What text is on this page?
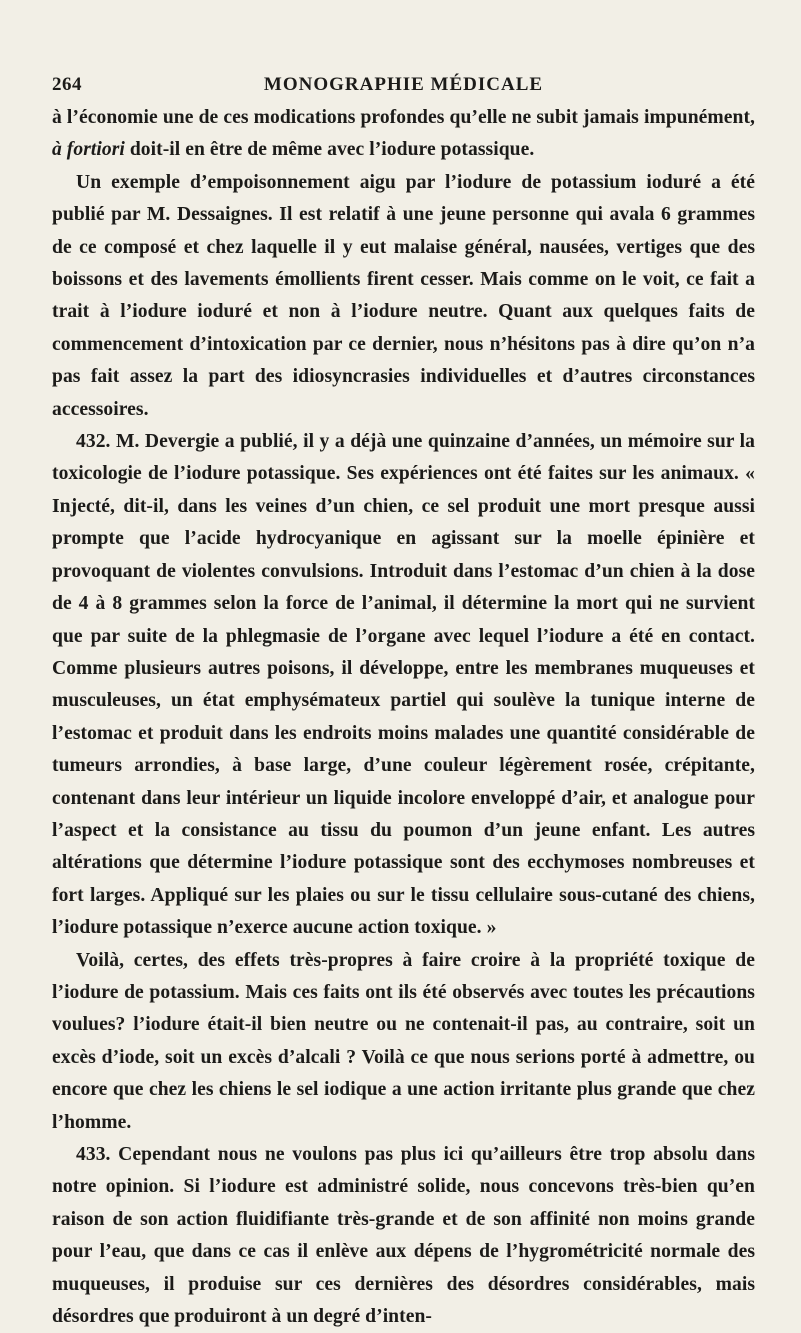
264	MONOGRAPHIE MÉDICALE

à l’économie une de ces modications profondes qu’elle ne subit jamais impunément, à fortiori doit-il en être de même avec l’iodure potassique.

Un exemple d’empoisonnement aigu par l’iodure de potassium ioduré a été publié par M. Dessaignes. Il est relatif à une jeune personne qui avala 6 grammes de ce composé et chez laquelle il y eut malaise général, nausées, vertiges que des boissons et des lavements émollients firent cesser. Mais comme on le voit, ce fait a trait à l’iodure ioduré et non à l’iodure neutre. Quant aux quelques faits de commencement d’intoxication par ce dernier, nous n’hésitons pas à dire qu’on n’a pas fait assez la part des idiosyncrasies individuelles et d’autres circonstances accessoires.

432. M. Devergie a publié, il y a déjà une quinzaine d’années, un mémoire sur la toxicologie de l’iodure potassique. Ses expériences ont été faites sur les animaux. « Injecté, dit-il, dans les veines d’un chien, ce sel produit une mort presque aussi prompte que l’acide hydrocyanique en agissant sur la moelle épinière et provoquant de violentes convulsions. Introduit dans l’estomac d’un chien à la dose de 4 à 8 grammes selon la force de l’animal, il détermine la mort qui ne survient que par suite de la phlegmasie de l’organe avec lequel l’iodure a été en contact. Comme plusieurs autres poisons, il développe, entre les membranes muqueuses et musculeuses, un état emphysémateux partiel qui soulève la tunique interne de l’estomac et produit dans les endroits moins malades une quantité considérable de tumeurs arrondies, à base large, d’une couleur légèrement rosée, crépitante, contenant dans leur intérieur un liquide incolore enveloppé d’air, et analogue pour l’aspect et la consistance au tissu du poumon d’un jeune enfant. Les autres altérations que détermine l’iodure potassique sont des ecchymoses nombreuses et fort larges. Appliqué sur les plaies ou sur le tissu cellulaire sous-cutané des chiens, l’iodure potassique n’exerce aucune action toxique. »

Voilà, certes, des effets très-propres à faire croire à la propriété toxique de l’iodure de potassium. Mais ces faits ont ils été observés avec toutes les précautions voulues? l’iodure était-il bien neutre ou ne contenait-il pas, au contraire, soit un excès d’iode, soit un excès d’alcali ? Voilà ce que nous serions porté à admettre, ou encore que chez les chiens le sel iodique a une action irritante plus grande que chez l’homme.

433. Cependant nous ne voulons pas plus ici qu’ailleurs être trop absolu dans notre opinion. Si l’iodure est administré solide, nous concevons très-bien qu’en raison de son action fluidifiante très-grande et de son affinité non moins grande pour l’eau, que dans ce cas il enlève aux dépens de l’hygrométricité normale des muqueuses, il produise sur ces dernières des désordres considérables, mais désordres que produiront à un degré d’inten-
